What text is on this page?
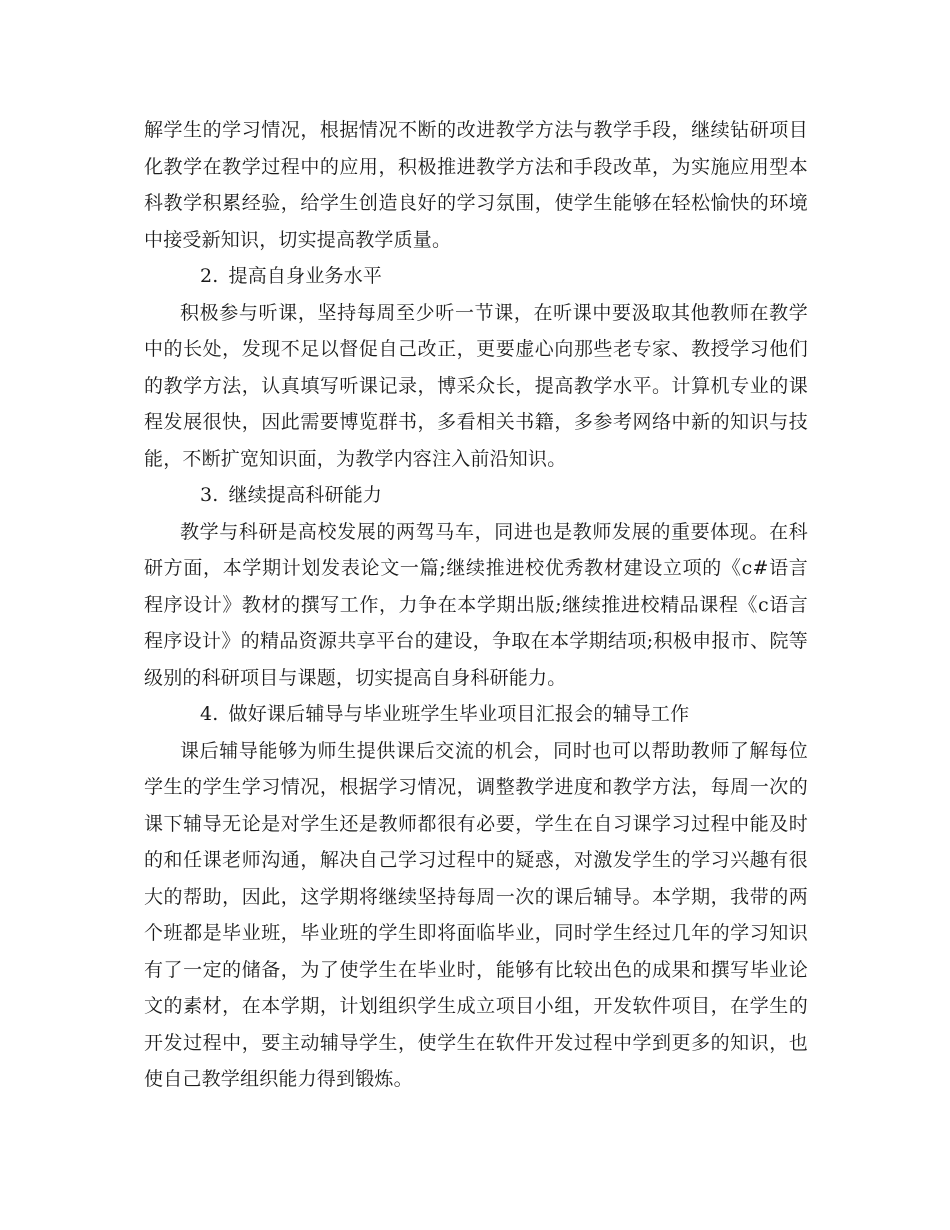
解学生的学习情况，根据情况不断的改进教学方法与教学手段，继续钻研项目化教学在教学过程中的应用，积极推进教学方法和手段改革，为实施应用型本科教学积累经验，给学生创造良好的学习氛围，使学生能够在轻松愉快的环境中接受新知识，切实提高教学质量。

2. 提高自身业务水平

积极参与听课，坚持每周至少听一节课，在听课中要汲取其他教师在教学中的长处，发现不足以督促自己改正，更要虚心向那些老专家、教授学习他们的教学方法，认真填写听课记录，博采众长，提高教学水平。计算机专业的课程发展很快，因此需要博览群书，多看相关书籍，多参考网络中新的知识与技能，不断扩宽知识面，为教学内容注入前沿知识。

3. 继续提高科研能力

教学与科研是高校发展的两驾马车，同进也是教师发展的重要体现。在科研方面，本学期计划发表论文一篇;继续推进校优秀教材建设立项的《c#语言程序设计》教材的撰写工作，力争在本学期出版;继续推进校精品课程《c语言程序设计》的精品资源共享平台的建设，争取在本学期结项;积极申报市、院等级别的科研项目与课题，切实提高自身科研能力。

4. 做好课后辅导与毕业班学生毕业项目汇报会的辅导工作

课后辅导能够为师生提供课后交流的机会，同时也可以帮助教师了解每位学生的学生学习情况，根据学习情况，调整教学进度和教学方法，每周一次的课下辅导无论是对学生还是教师都很有必要，学生在自习课学习过程中能及时的和任课老师沟通，解决自己学习过程中的疑惑，对激发学生的学习兴趣有很大的帮助，因此，这学期将继续坚持每周一次的课后辅导。本学期，我带的两个班都是毕业班，毕业班的学生即将面临毕业，同时学生经过几年的学习知识有了一定的储备，为了使学生在毕业时，能够有比较出色的成果和撰写毕业论文的素材，在本学期，计划组织学生成立项目小组，开发软件项目，在学生的开发过程中，要主动辅导学生，使学生在软件开发过程中学到更多的知识，也使自己教学组织能力得到锻炼。
